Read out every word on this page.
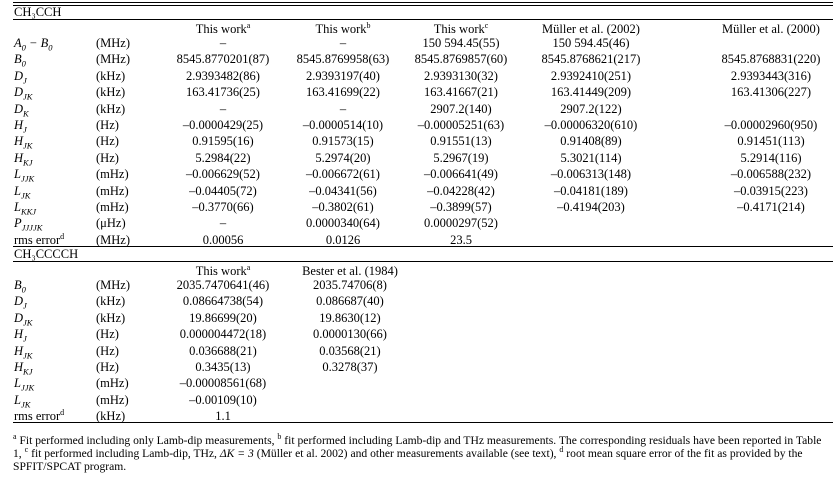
CH₃CCH
This work$^a$	This work$^b$	This work$^c$	Müller et al. (2002)	Müller et al. (2000)
$A_0 - B_0$	(MHz)	–	–	150 594.45(55)	150 594.45(46)
$B_0$	(MHz)	8545.8770201(87) 8545.8769958(63) 8545.8769857(60)	8545.8768621(217)	8545.8768831(220)
$D_J$	(kHz)	2.9393482(86)	2.9393197(40)	2.9393130(32)	2.9392410(251)	2.9393443(316)
$D_{JK}$	(kHz)	163.41736(25)	163.41699(22)	163.41667(21)	163.41449(209)	163.41306(227)
$D_K$	(kHz)	–	–	2907.2(140)	2907.2(122)
$H_J$	(Hz)	–0.0000429(25)	–0.0000514(10)	–0.00005251(63)	–0.00006320(610)	–0.00002960(950)
$H_{JK}$	(Hz)	0.91595(16)	0.91573(15)	0.91551(13)	0.91408(89)	0.91451(113)
$H_{KJ}$	(Hz)	5.2984(22)	5.2974(20)	5.2967(19)	5.3021(114)	5.2914(116)
$L_{JJK}$	(mHz)	–0.006629(52)	–0.006672(61)	–0.006641(49)	–0.006313(148)	–0.006588(232)
$L_{JK}$	(mHz)	–0.04405(72)	–0.04341(56)	–0.04228(42)	–0.04181(189)	–0.03915(223)
$L_{KKJ}$	(mHz)	–0.3770(66)	–0.3802(61)	–0.3899(57)	–0.4194(203)	–0.4171(214)
$P_{JJJJK}$	(μHz)	–	0.0000340(64)	0.0000297(52)
rms error$^d$	(MHz)	0.00056	0.0126	23.5
CH₃CCCCH
This work$^a$	Bester et al. (1984)
$B_0$	(MHz)	2035.7470641(46)	2035.74706(8)
$D_J$	(kHz)	0.08664738(54)	0.086687(40)
$D_{JK}$	(kHz)	19.86699(20)	19.8630(12)
$H_J$	(Hz)	0.000004472(18)	0.0000130(66)
$H_{JK}$	(Hz)	0.036688(21)	0.03568(21)
$H_{KJ}$	(Hz)	0.3435(13)	0.3278(37)
$L_{JJK}$	(mHz)	–0.00008561(68)
$L_{JK}$	(mHz)	–0.00109(10)
rms error$^d$	(kHz)	1.1
$^a$ Fit performed including only Lamb-dip measurements, $^b$ fit performed including Lamb-dip and THz measurements. The corresponding residuals have been reported in Table 1, $^c$ fit performed including Lamb-dip, THz, ΔK = 3 (Müller et al. 2002) and other measurements available (see text), $^d$ root mean square error of the fit as provided by the SPFIT/SPCAT program.
